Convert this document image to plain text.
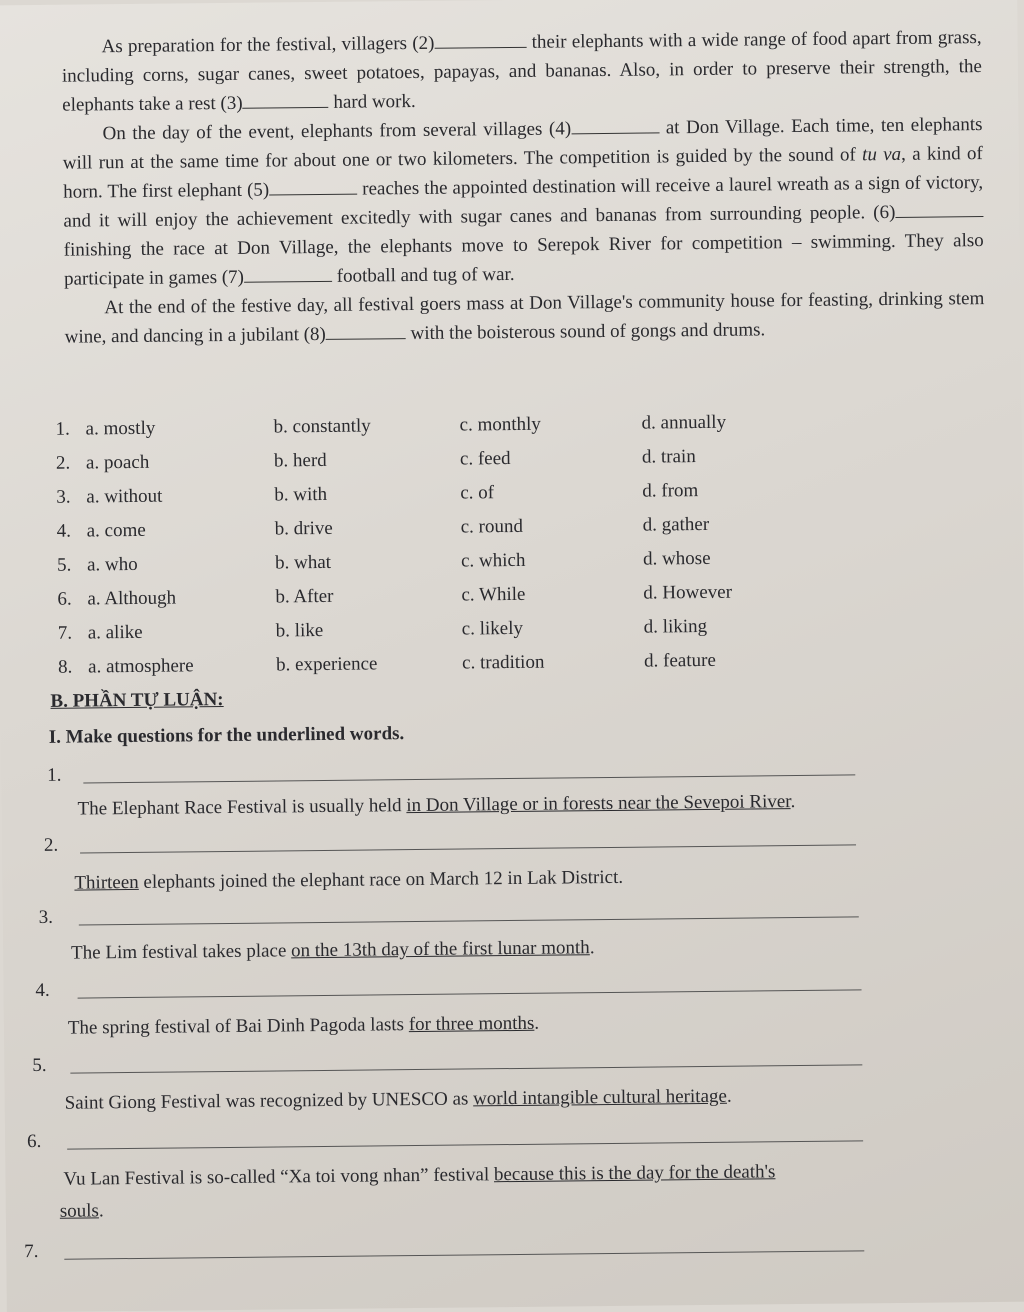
As preparation for the festival, villagers (2)	their elephants with a wide range of food apart from grass, including corns, sugar canes, sweet potatoes, papayas, and bananas. Also, in order to preserve their strength, the elephants take a rest (3)	hard work.

On the day of the event, elephants from several villages (4)	at Don Village. Each time, ten elephants will run at the same time for about one or two kilometers. The competition is guided by the sound of tu va, a kind of horn. The first elephant (5)	reaches the appointed destination will receive a laurel wreath as a sign of victory, and it will enjoy the achievement excitedly with sugar canes and bananas from surrounding people. (6) finishing the race at Don Village, the elephants move to Serepok River for competition – swimming. They also participate in games (7)	football and tug of war.

At the end of the festive day, all festival goers mass at Don Village's community house for feasting, drinking stem wine, and dancing in a jubilant (8)	with the boisterous sound of gongs and drums.

1. a. mostly	b. constantly	c. monthly	d. annually
2. a. poach	b. herd	c. feed	d. train
3. a. without	b. with	c. of	d. from
4. a. come	b. drive	c. round	d. gather
5. a. who	b. what	c. which	d. whose
6. a. Although	b. After	c. While	d. However
7. a. alike	b. like	c. likely	d. liking
8. a. atmosphere	b. experience	c. tradition	d. feature
B. PHẦN TỰ LUẬN:
I. Make questions for the underlined words.
1.
The Elephant Race Festival is usually held in Don Village or in forests near the Sevepoi River.
2.
Thirteen elephants joined the elephant race on March 12 in Lak District.
3.
The Lim festival takes place on the 13th day of the first lunar month.
4.
The spring festival of Bai Dinh Pagoda lasts for three months.
5.
Saint Giong Festival was recognized by UNESCO as world intangible cultural heritage.
6.
Vu Lan Festival is so-called “Xa toi vong nhan” festival because this is the day for the death's
souls.
7.
